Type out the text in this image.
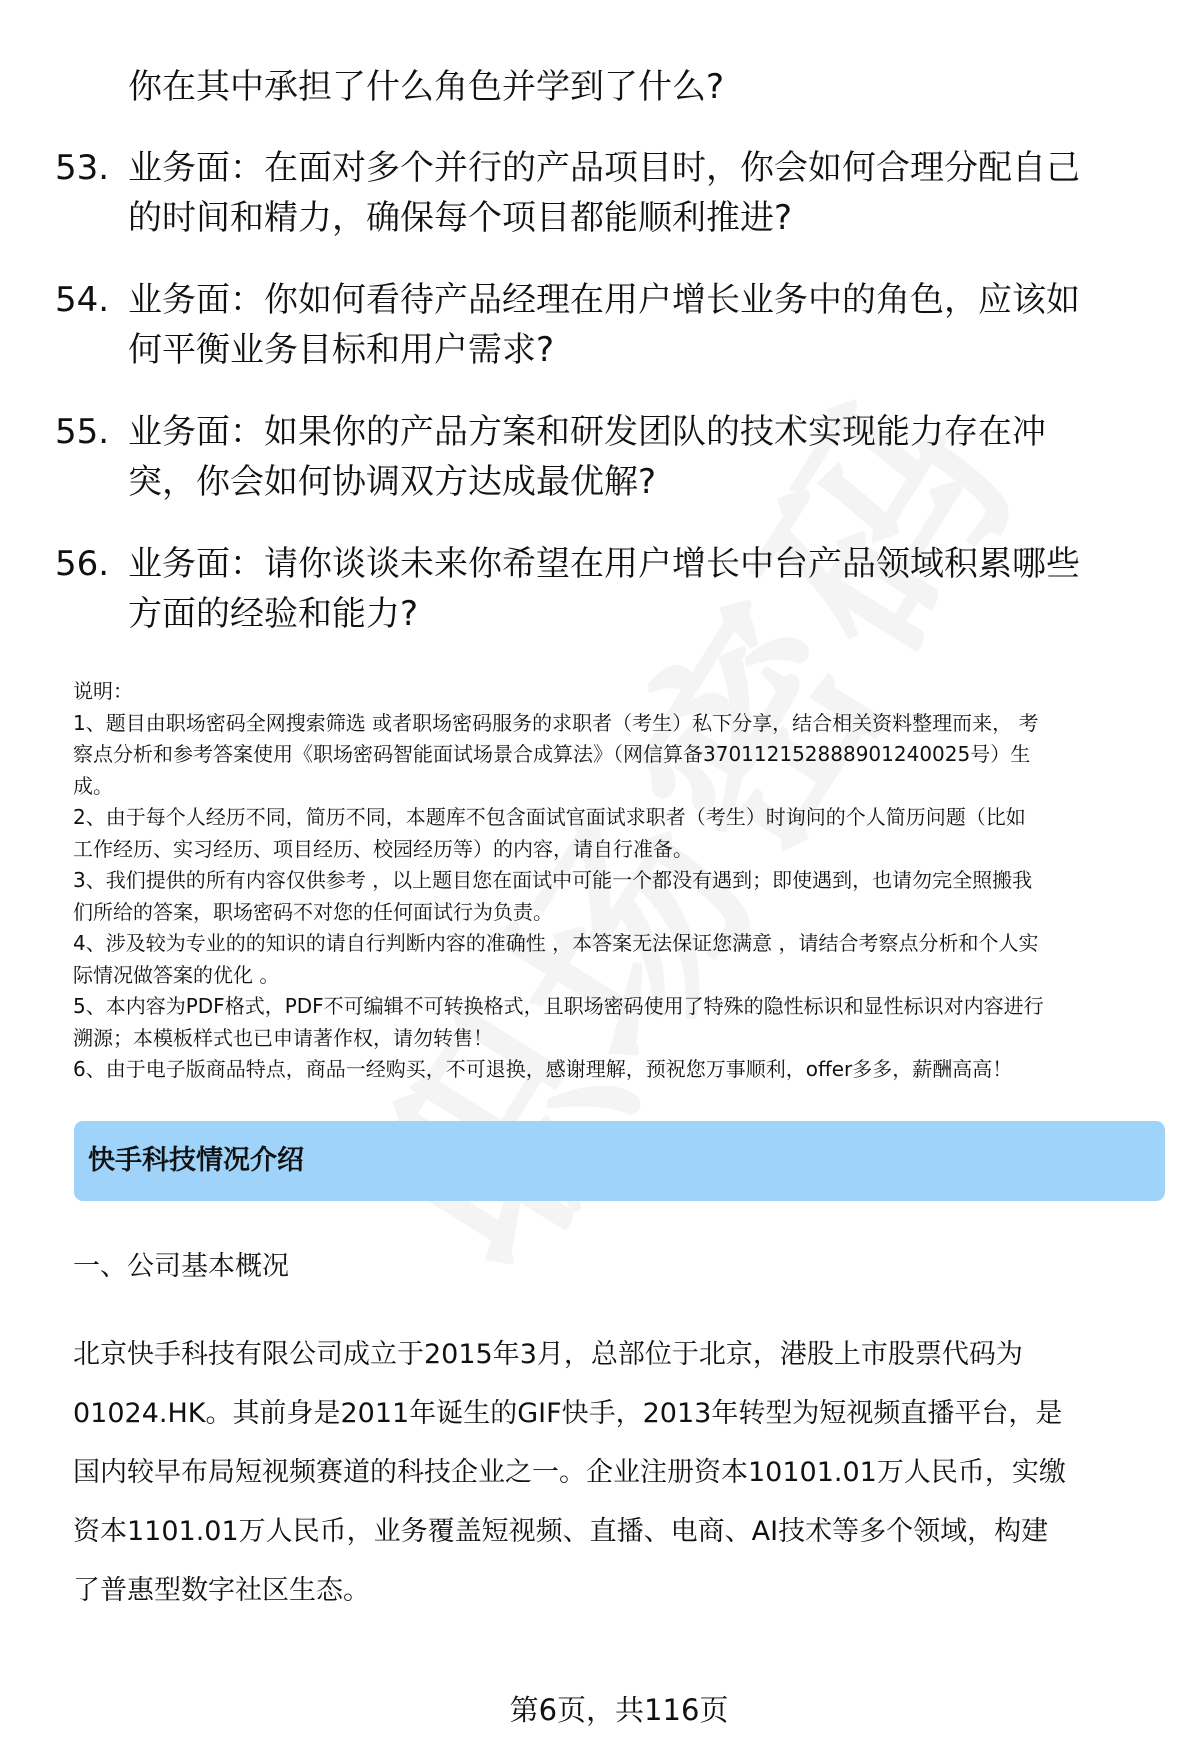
你在其中承担了什么角色并学到了什么?
53. 业务面：在面对多个并行的产品项目时，你会如何合理分配自己
的时间和精力，确保每个项目都能顺利推进?
54. 业务面：你如何看待产品经理在用户增长业务中的角色，应该如
何平衡业务目标和用户需求?
55. 业务面：如果你的产品方案和研发团队的技术实现能力存在冲
突，你会如何协调双方达成最优解?
56. 业务面：请你谈谈未来你希望在用户增长中台产品领域积累哪些
方面的经验和能力?
说明：
1、题目由职场密码全网搜索筛选 或者职场密码服务的求职者（考生）私下分享，结合相关资料整理而来， 考
察点分析和参考答案使用《职场密码智能面试场景合成算法》（网信算备370112152888901240025号）生
成。
2、由于每个人经历不同，简历不同，本题库不包含面试官面试求职者（考生）时询问的个人简历问题（比如
工作经历、实习经历、项目经历、校园经历等）的内容，请自行准备。
3、我们提供的所有内容仅供参考 ，以上题目您在面试中可能一个都没有遇到；即使遇到，也请勿完全照搬我
们所给的答案，职场密码不对您的任何面试行为负责。
4、涉及较为专业的的知识的请自行判断内容的准确性 ，本答案无法保证您满意 ，请结合考察点分析和个人实
际情况做答案的优化 。
5、本内容为PDF格式，PDF不可编辑不可转换格式，且职场密码使用了特殊的隐性标识和显性标识对内容进行
溯源；本模板样式也已申请著作权，请勿转售！
6、由于电子版商品特点，商品一经购买，不可退换，感谢理解，预祝您万事顺利，offer多多，薪酬高高！
快手科技情况介绍
一、公司基本概况
北京快手科技有限公司成立于2015年3月，总部位于北京，港股上市股票代码为
01024.HK。其前身是2011年诞生的GIF快手，2013年转型为短视频直播平台，是
国内较早布局短视频赛道的科技企业之一。企业注册资本10101.01万人民币，实缴
资本1101.01万人民币，业务覆盖短视频、直播、电商、AI技术等多个领域，构建
了普惠型数字社区生态。
第6页，共116页
